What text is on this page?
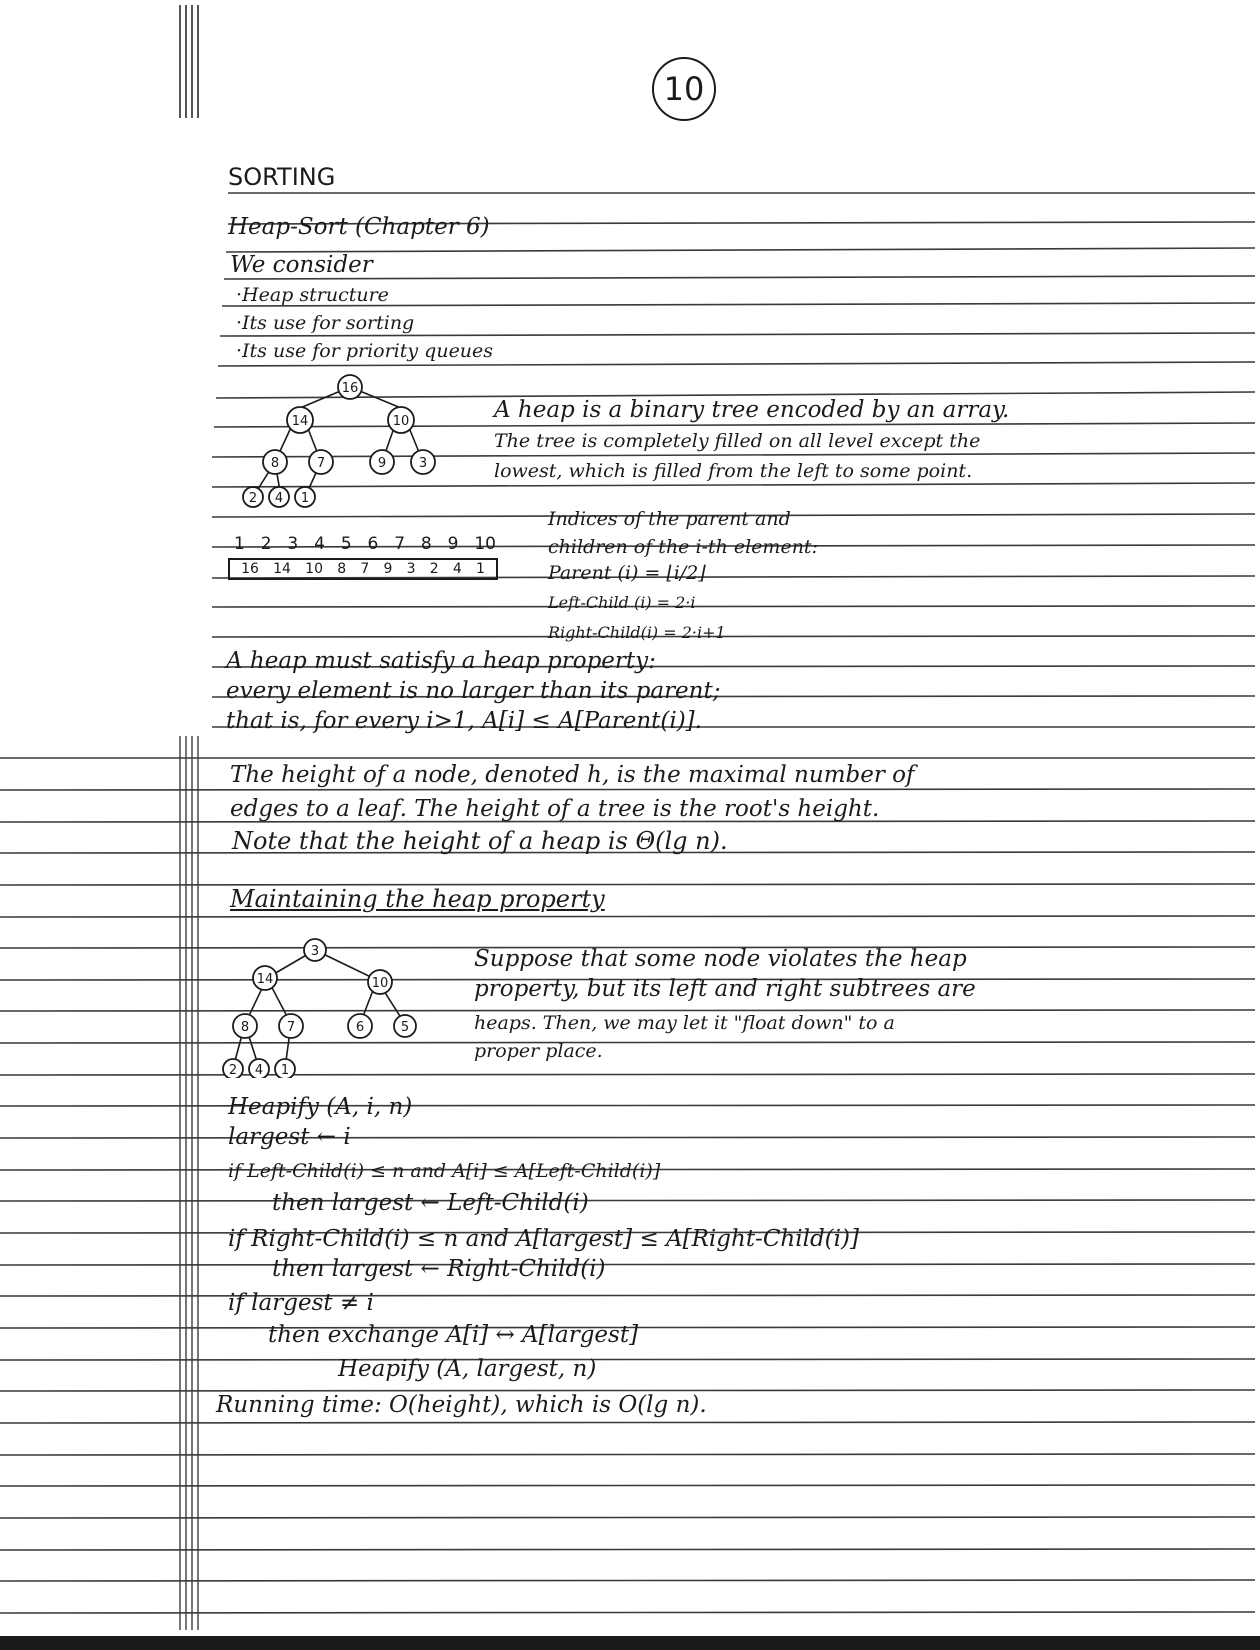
10
SORTING
Heap-Sort (Chapter 6)
We consider
·Heap structure
·Its use for sorting
·Its use for priority queues
16
14	10
8	7	9	3
2 4 1
A heap is a binary tree encoded by an array.
The tree is completely filled on all level except the
lowest, which is filled from the left to some point.
1 2 3 4 5 6 7 8 9 10
16 14 10 8 7 9 3 2 4 1
Indices of the parent and
children of the i-th element:
Parent (i) = ⌊i/2⌋
Left-Child (i) = 2·i
Right-Child(i) = 2·i+1
A heap must satisfy a heap property:
every element is no larger than its parent;
that is, for every i>1, A[i] ≤ A[Parent(i)].
The height of a node, denoted h, is the maximal number of
edges to a leaf. The height of a tree is the root's height.
Note that the height of a heap is Θ(lg n).
Maintaining the heap property
3
14	10
8	7	6	5
2 4 1
Suppose that some node violates the heap
property, but its left and right subtrees are
heaps. Then, we may let it "float down" to a
proper place.
Heapify (A, i, n)
largest ← i
if Left-Child(i) ≤ n and A[i] ≤ A[Left-Child(i)]
then largest ← Left-Child(i)
if Right-Child(i) ≤ n and A[largest] ≤ A[Right-Child(i)]
then largest ← Right-Child(i)
if largest ≠ i
then exchange A[i] ↔ A[largest]
Heapify (A, largest, n)
Running time: O(height), which is O(lg n).
